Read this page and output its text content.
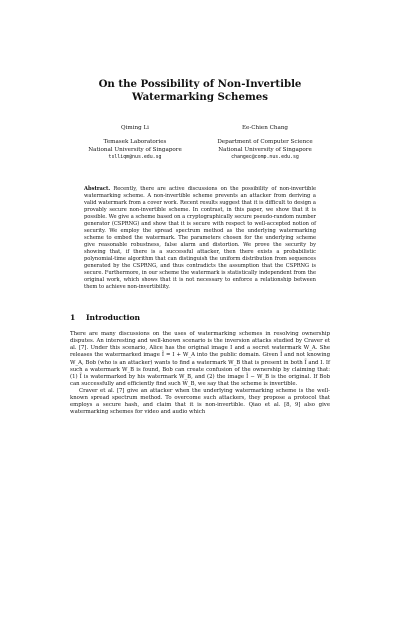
On the Possibility of Non-Invertible
Watermarking Schemes
Qiming Li
Temasek Laboratories
National University of Singapore
tslliqm@nus.edu.sg
Ee-Chien Chang
Department of Computer Science
National University of Singapore
changec@comp.nus.edu.sg
Abstract. Recently, there are active discussions on the possibility of non-invertible watermarking scheme. A non-invertible scheme prevents an attacker from deriving a valid watermark from a cover work. Recent results suggest that it is difficult to design a provably secure non-invertible scheme. In contrast, in this paper, we show that it is possible. We give a scheme based on a cryptographically secure pseudo-random number generator (CSPRNG) and show that it is secure with respect to well-accepted notion of security. We employ the spread spectrum method as the underlying watermarking scheme to embed the watermark. The parameters chosen for the underlying scheme give reasonable robustness, false alarm and distortion. We prove the security by showing that, if there is a successful attacker, then there exists a probabilistic polynomial-time algorithm that can distinguish the uniform distribution from sequences generated by the CSPRNG, and thus contradicts the assumption that the CSPRNG is secure. Furthermore, in our scheme the watermark is statistically independent from the original work, which shows that it is not necessary to enforce a relationship between them to achieve non-invertibility.
1 Introduction

There are many discussions on the uses of watermarking schemes in resolving ownership disputes. An interesting and well-known scenario is the inversion attacks studied by Craver et al. [7]. Under this scenario, Alice has the original image I and a secret watermark W_A. She releases the watermarked image Ĩ = I + W_A into the public domain. Given Ĩ and not knowing W_A, Bob (who is an attacker) wants to find a watermark W_B that is present in both Ĩ and I. If such a watermark W_B is found, Bob can create confusion of the ownership by claiming that: (1) Ĩ is watermarked by his watermark W_B, and (2) the image Ĩ − W_B is the original. If Bob can successfully and efficiently find such W_B, we say that the scheme is invertible.

Craver et al. [7] give an attacker when the underlying watermarking scheme is the well-known spread spectrum method. To overcome such attackers, they propose a protocol that employs a secure hash, and claim that it is non-invertible. Qiao et al. [8, 9] also give watermarking schemes for video and audio which
